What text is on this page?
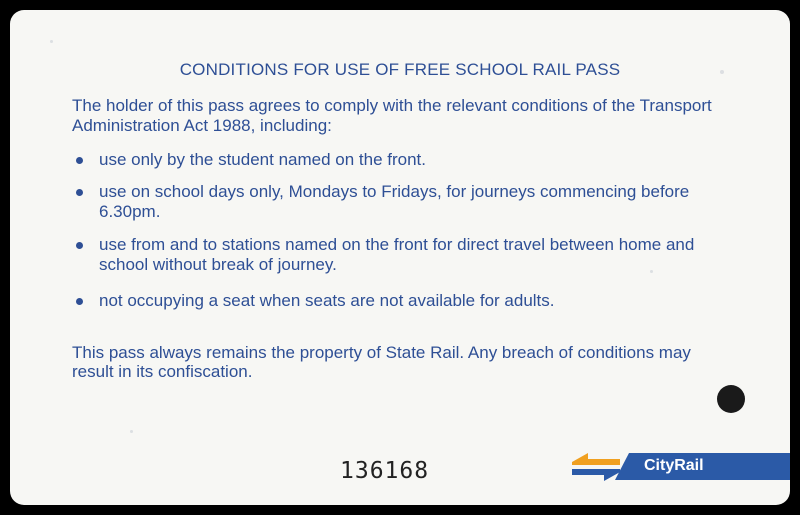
CONDITIONS FOR USE OF FREE SCHOOL RAIL PASS
The holder of this pass agrees to comply with the relevant conditions of the Transport Administration Act 1988, including:
use only by the student named on the front.
use on school days only, Mondays to Fridays, for journeys commencing before 6.30pm.
use from and to stations named on the front for direct travel between home and school without break of journey.
not occupying a seat when seats are not available for adults.
This pass always remains the property of State Rail. Any breach of conditions may result in its confiscation.
136168	CityRail
